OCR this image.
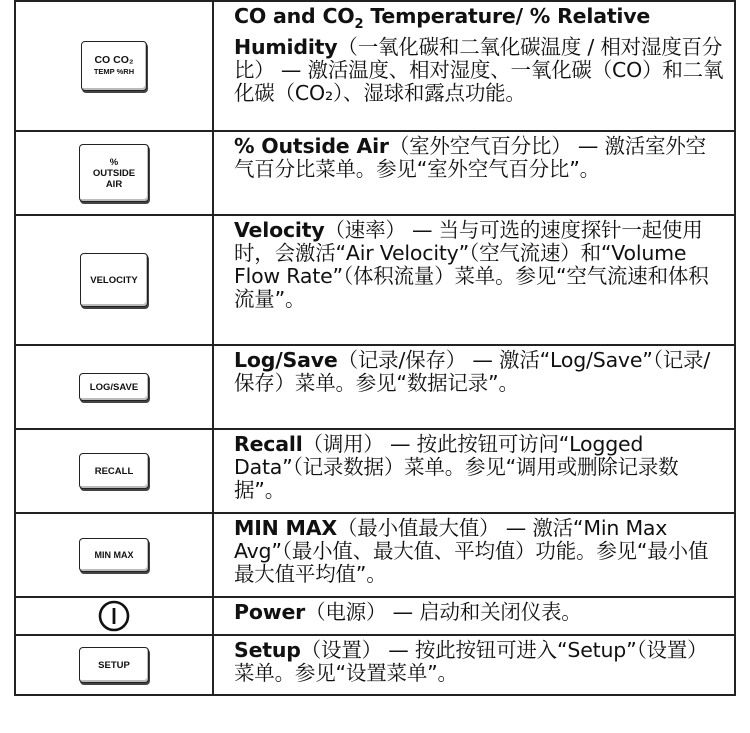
CO CO₂
TEMP %RH	CO and $CO_2$ Temperature/ % Relative Humidity（一氧化碳和二氧化碳温度 / 相对湿度百分比） — 激活温度、相对湿度、一氧化碳（CO）和二氧化碳（CO₂）、湿球和露点功能。

%
OUTSIDE
AIR	% Outside Air（室外空气百分比） — 激活室外空气百分比菜单。参见“室外空气百分比”。

VELOCITY	Velocity（速率） — 当与可选的速度探针一起使用时，会激活“Air Velocity”（空气流速）和“Volume Flow Rate”（体积流量）菜单。参见“空气流速和体积流量”。

LOG/SAVE	Log/Save（记录/保存） — 激活“Log/Save”（记录/保存）菜单。参见“数据记录”。

RECALL	Recall（调用） — 按此按钮可访问“Logged Data”（记录数据）菜单。参见“调用或删除记录数据”。

MIN MAX	MIN MAX（最小值最大值） — 激活“Min Max Avg”（最小值、最大值、平均值）功能。参见“最小值最大值平均值”。
	Power（电源） — 启动和关闭仪表。

SETUP	Setup（设置） — 按此按钮可进入“Setup”（设置）菜单。参见“设置菜单”。
